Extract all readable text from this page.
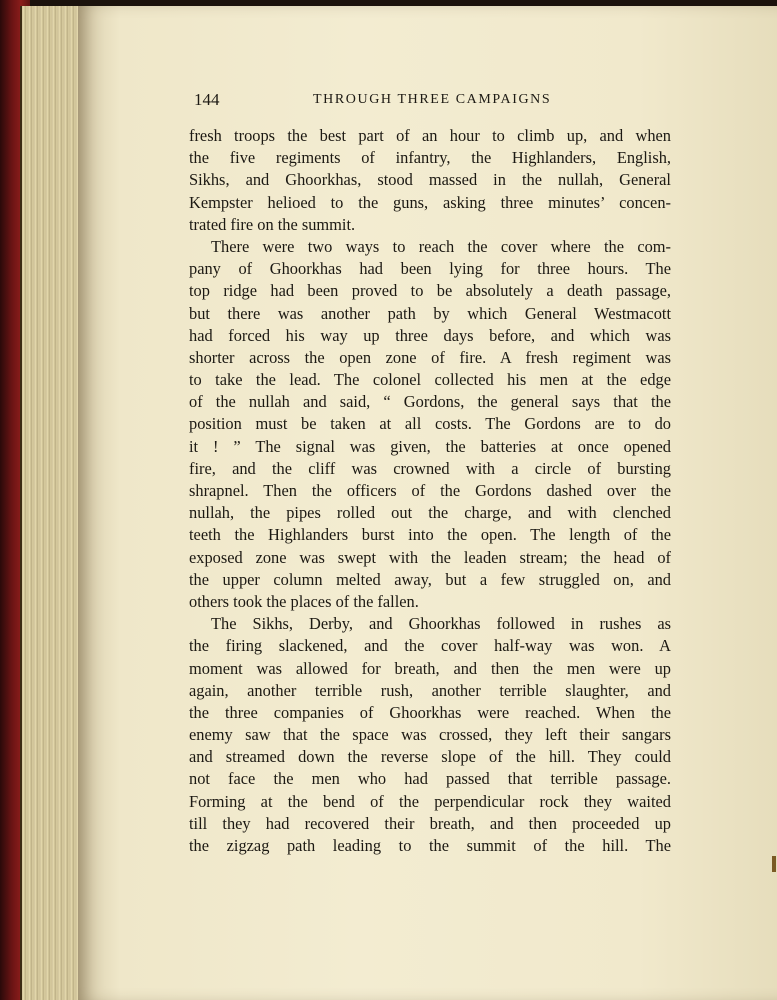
144	THROUGH THREE CAMPAIGNS
fresh troops the best part of an hour to climb up, and when
the five regiments of infantry, the Highlanders, English,
Sikhs, and Ghoorkhas, stood massed in the nullah, General
Kempster helioed to the guns, asking three minutes’ concen-
trated fire on the summit.
There were two ways to reach the cover where the com-
pany of Ghoorkhas had been lying for three hours. The
top ridge had been proved to be absolutely a death passage,
but there was another path by which General Westmacott
had forced his way up three days before, and which was
shorter across the open zone of fire. A fresh regiment was
to take the lead. The colonel collected his men at the edge
of the nullah and said, “ Gordons, the general says that the
position must be taken at all costs. The Gordons are to do
it ! ” The signal was given, the batteries at once opened
fire, and the cliff was crowned with a circle of bursting
shrapnel. Then the officers of the Gordons dashed over the
nullah, the pipes rolled out the charge, and with clenched
teeth the Highlanders burst into the open. The length of the
exposed zone was swept with the leaden stream; the head of
the upper column melted away, but a few struggled on, and
others took the places of the fallen.
The Sikhs, Derby, and Ghoorkhas followed in rushes as
the firing slackened, and the cover half-way was won. A
moment was allowed for breath, and then the men were up
again, another terrible rush, another terrible slaughter, and
the three companies of Ghoorkhas were reached. When the
enemy saw that the space was crossed, they left their sangars
and streamed down the reverse slope of the hill. They could
not face the men who had passed that terrible passage.
Forming at the bend of the perpendicular rock they waited
till they had recovered their breath, and then proceeded up
the zigzag path leading to the summit of the hill. The
